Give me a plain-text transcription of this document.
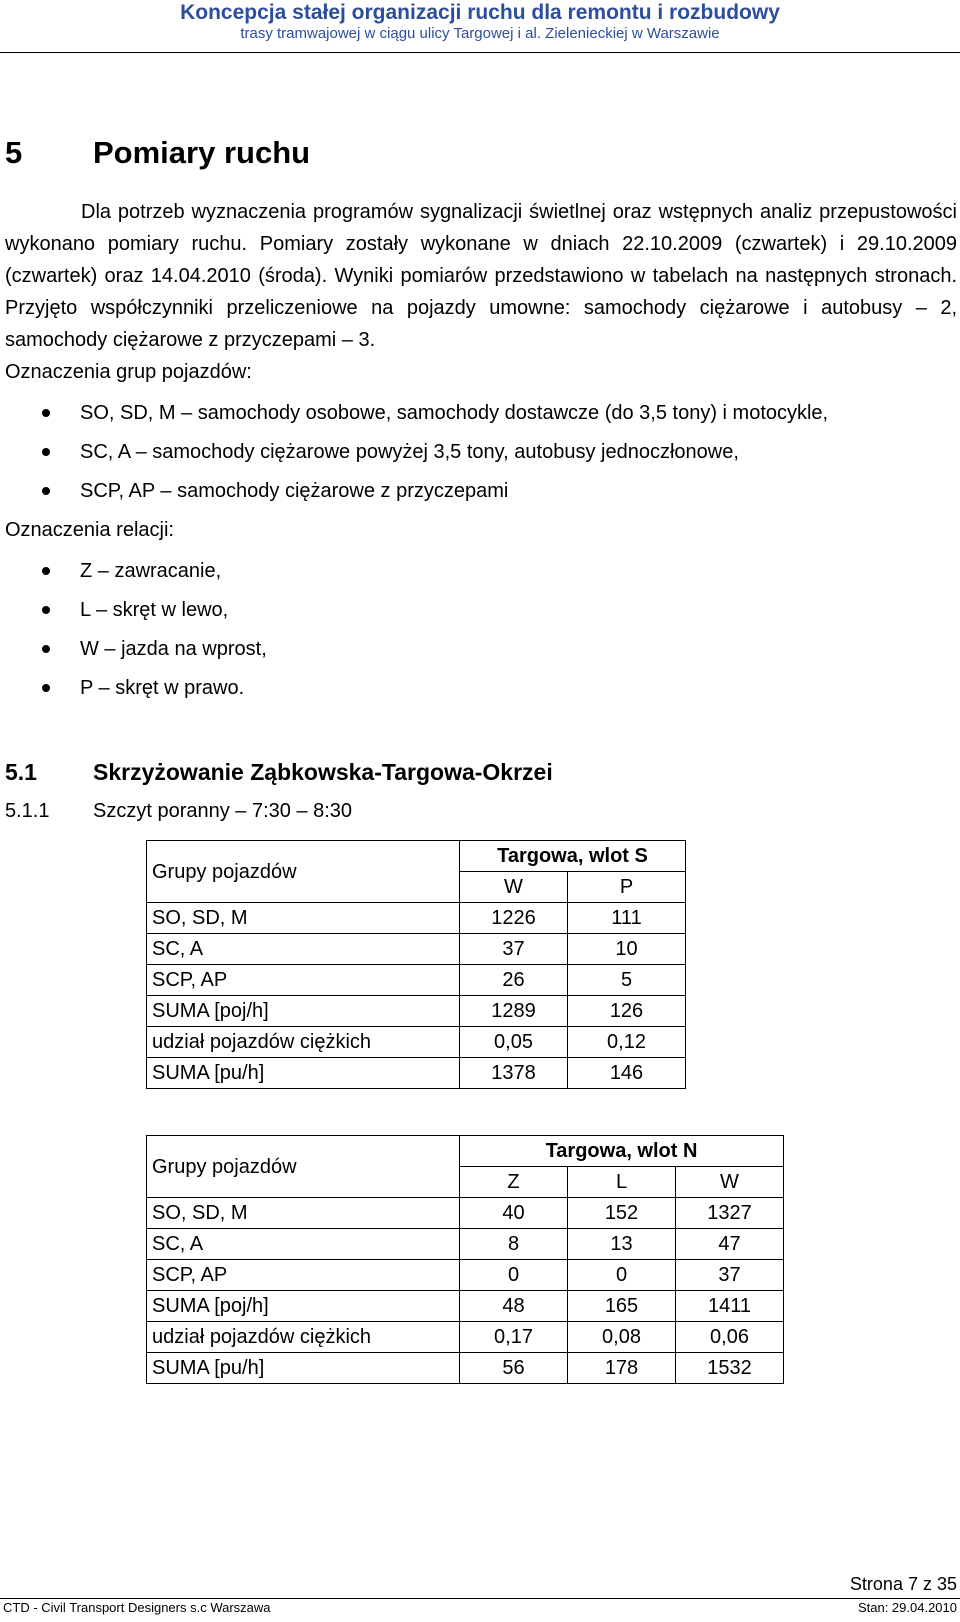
Koncepcja stałej organizacji ruchu dla remontu i rozbudowy
trasy tramwajowej w ciągu ulicy Targowej i al. Zielenieckiej w Warszawie
5 Pomiary ruchu

Dla potrzeb wyznaczenia programów sygnalizacji świetlnej oraz wstępnych analiz przepustowości wykonano pomiary ruchu. Pomiary zostały wykonane w dniach 22.10.2009 (czwartek) i 29.10.2009 (czwartek) oraz 14.04.2010 (środa). Wyniki pomiarów przedstawiono w tabelach na następnych stronach. Przyjęto współczynniki przeliczeniowe na pojazdy umowne: samochody ciężarowe i autobusy – 2, samochody ciężarowe z przyczepami – 3.

Oznaczenia grup pojazdów:
SO, SD, M – samochody osobowe, samochody dostawcze (do 3,5 tony) i motocykle,
SC, A – samochody ciężarowe powyżej 3,5 tony, autobusy jednoczłonowe,
SCP, AP – samochody ciężarowe z przyczepami
Oznaczenia relacji:
Z – zawracanie,
L – skręt w lewo,
W – jazda na wprost,
P – skręt w prawo.
5.1 Skrzyżowanie Ząbkowska-Targowa-Okrzei
5.1.1 Szczyt poranny – 7:30 – 8:30
Grupy pojazdów	Targowa, wlot S	
	W	P
SO, SD, M	1226	111
SC, A	37	10
SCP, AP	26	5
SUMA [poj/h]	1289	126
udział pojazdów ciężkich	0,05	0,12
SUMA [pu/h]	1378	146
Grupy pojazdów	Targowa, wlot N		
	Z	L	W
SO, SD, M	40	152	1327
SC, A	8	13	47
SCP, AP	0	0	37
SUMA [poj/h]	48	165	1411
udział pojazdów ciężkich	0,17	0,08	0,06
SUMA [pu/h]	56	178	1532
Strona 7 z 35
CTD - Civil Transport Designers s.c Warszawa	Stan: 29.04.2010
